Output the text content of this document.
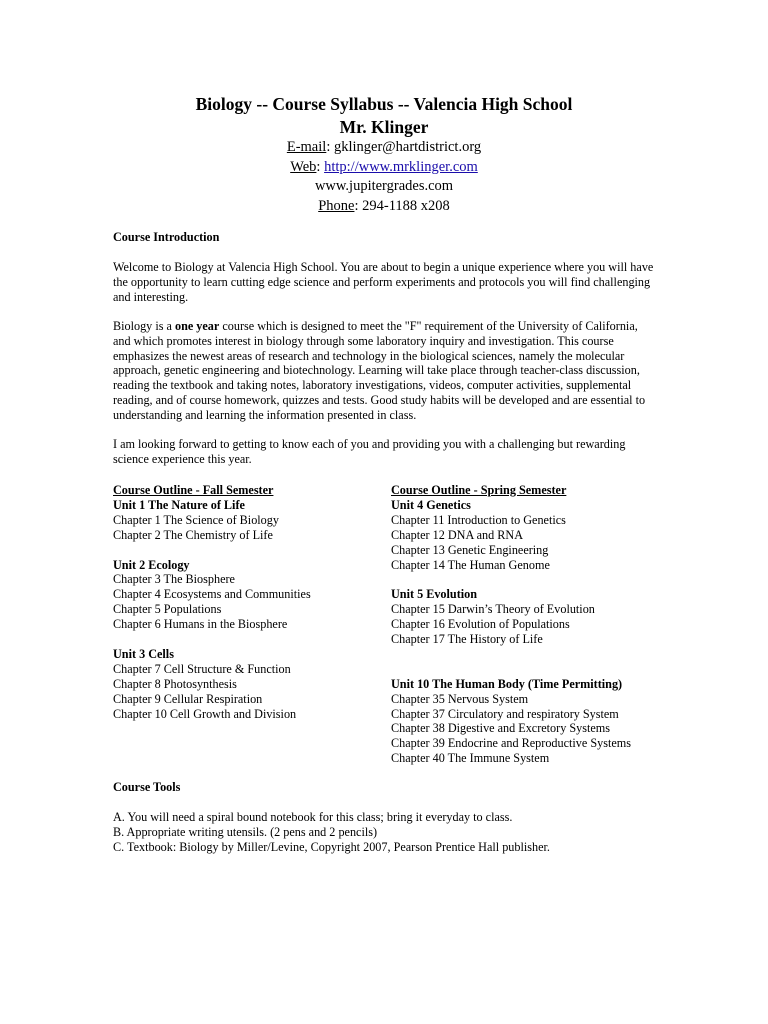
Biology -- Course Syllabus -- Valencia High School
Mr. Klinger
E-mail: gklinger@hartdistrict.org
Web: http://www.mrklinger.com
www.jupitergrades.com
Phone: 294-1188 x208

Course Introduction

Welcome to Biology at Valencia High School. You are about to begin a unique experience where you will have the opportunity to learn cutting edge science and perform experiments and protocols you will find challenging and interesting.

Biology is a one year course which is designed to meet the "F" requirement of the University of California, and which promotes interest in biology through some laboratory inquiry and investigation. This course emphasizes the newest areas of research and technology in the biological sciences, namely the molecular approach, genetic engineering and biotechnology. Learning will take place through teacher-class discussion, reading the textbook and taking notes, laboratory investigations, videos, computer activities, supplemental reading, and of course homework, quizzes and tests. Good study habits will be developed and are essential to understanding and learning the information presented in class.

I am looking forward to getting to know each of you and providing you with a challenging but rewarding science experience this year.

Course Outline - Fall Semester
Unit 1 The Nature of Life
Chapter 1 The Science of Biology
Chapter 2 The Chemistry of Life
Unit 2 Ecology
Chapter 3 The Biosphere
Chapter 4 Ecosystems and Communities
Chapter 5 Populations
Chapter 6 Humans in the Biosphere
Unit 3 Cells
Chapter 7 Cell Structure & Function
Chapter 8 Photosynthesis
Chapter 9 Cellular Respiration
Chapter 10 Cell Growth and Division
Course Outline - Spring Semester
Unit 4 Genetics
Chapter 11 Introduction to Genetics
Chapter 12 DNA and RNA
Chapter 13 Genetic Engineering
Chapter 14 The Human Genome
Unit 5 Evolution
Chapter 15 Darwin’s Theory of Evolution
Chapter 16 Evolution of Populations
Chapter 17 The History of Life
Unit 10 The Human Body (Time Permitting)
Chapter 35 Nervous System
Chapter 37 Circulatory and respiratory System
Chapter 38 Digestive and Excretory Systems
Chapter 39 Endocrine and Reproductive Systems
Chapter 40 The Immune System
Course Tools
A. You will need a spiral bound notebook for this class; bring it everyday to class.
B. Appropriate writing utensils. (2 pens and 2 pencils)
C. Textbook: Biology by Miller/Levine, Copyright 2007, Pearson Prentice Hall publisher.
